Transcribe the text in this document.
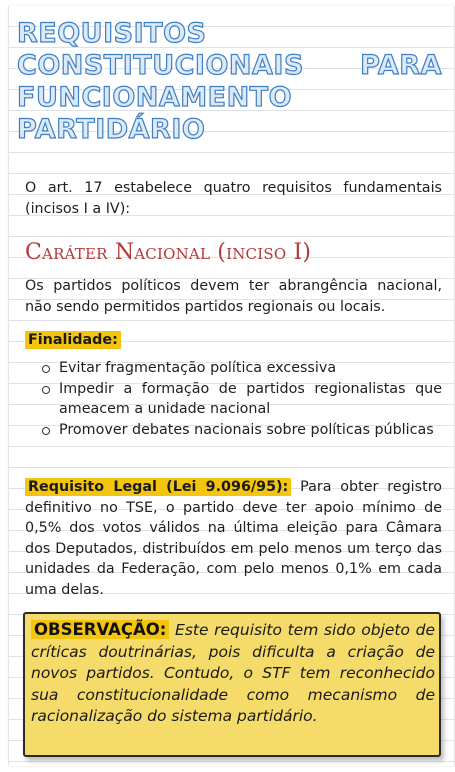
REQUISITOS CONSTITUCIONAIS PARA FUNCIONAMENTO PARTIDÁRIO

O art. 17 estabelece quatro requisitos fundamentais (incisos I a IV):

Caráter Nacional (inciso I)

Os partidos políticos devem ter abrangência nacional, não sendo permitidos partidos regionais ou locais.

Finalidade:

Evitar fragmentação política excessiva
Impedir a formação de partidos regionalistas que ameacem a unidade nacional
Promover debates nacionais sobre políticas públicas

Requisito Legal (Lei 9.096/95): Para obter registro definitivo no TSE, o partido deve ter apoio mínimo de 0,5% dos votos válidos na última eleição para Câmara dos Deputados, distribuídos em pelo menos um terço das unidades da Federação, com pelo menos 0,1% em cada uma delas.

OBSERVAÇÃO: Este requisito tem sido objeto de críticas doutrinárias, pois dificulta a criação de novos partidos. Contudo, o STF tem reconhecido sua constitucionalidade como mecanismo de racionalização do sistema partidário.
